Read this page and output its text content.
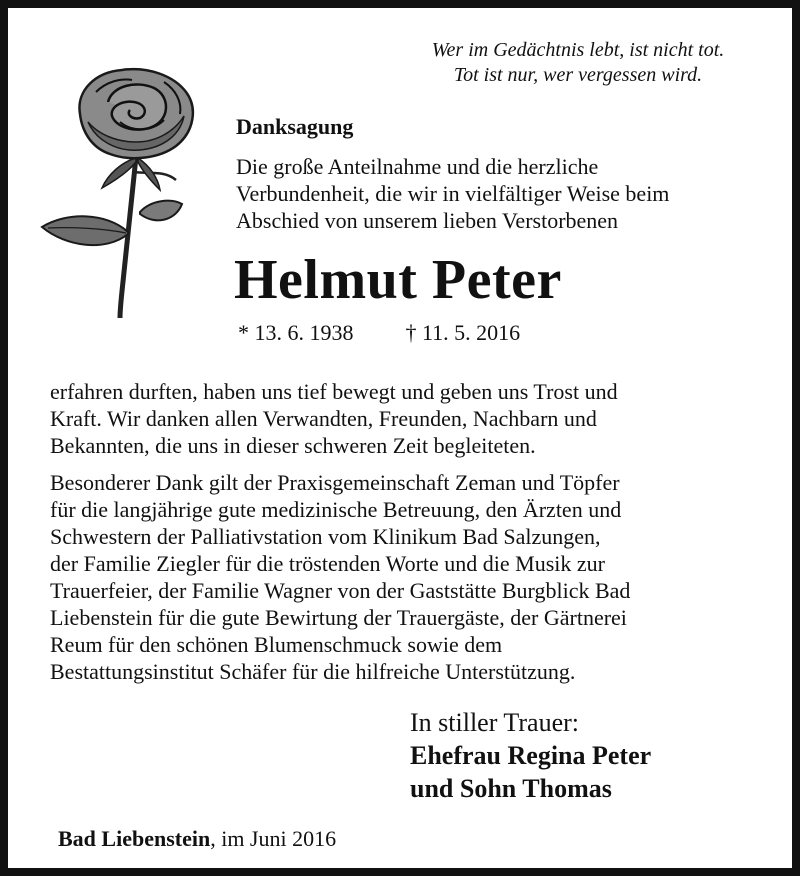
Wer im Gedächtnis lebt, ist nicht tot.
Tot ist nur, wer vergessen wird.
Danksagung
Die große Anteilnahme und die herzliche
Verbundenheit, die wir in vielfältiger Weise beim
Abschied von unserem lieben Verstorbenen
Helmut Peter
* 13. 6. 1938 † 11. 5. 2016
erfahren durften, haben uns tief bewegt und geben uns Trost und
Kraft. Wir danken allen Verwandten, Freunden, Nachbarn und
Bekannten, die uns in dieser schweren Zeit begleiteten.
Besonderer Dank gilt der Praxisgemeinschaft Zeman und Töpfer
für die langjährige gute medizinische Betreuung, den Ärzten und
Schwestern der Palliativstation vom Klinikum Bad Salzungen,
der Familie Ziegler für die tröstenden Worte und die Musik zur
Trauerfeier, der Familie Wagner von der Gaststätte Burgblick Bad
Liebenstein für die gute Bewirtung der Trauergäste, der Gärtnerei
Reum für den schönen Blumenschmuck sowie dem
Bestattungsinstitut Schäfer für die hilfreiche Unterstützung.
In stiller Trauer:
Ehefrau Regina Peter
und Sohn Thomas
Bad Liebenstein, im Juni 2016
